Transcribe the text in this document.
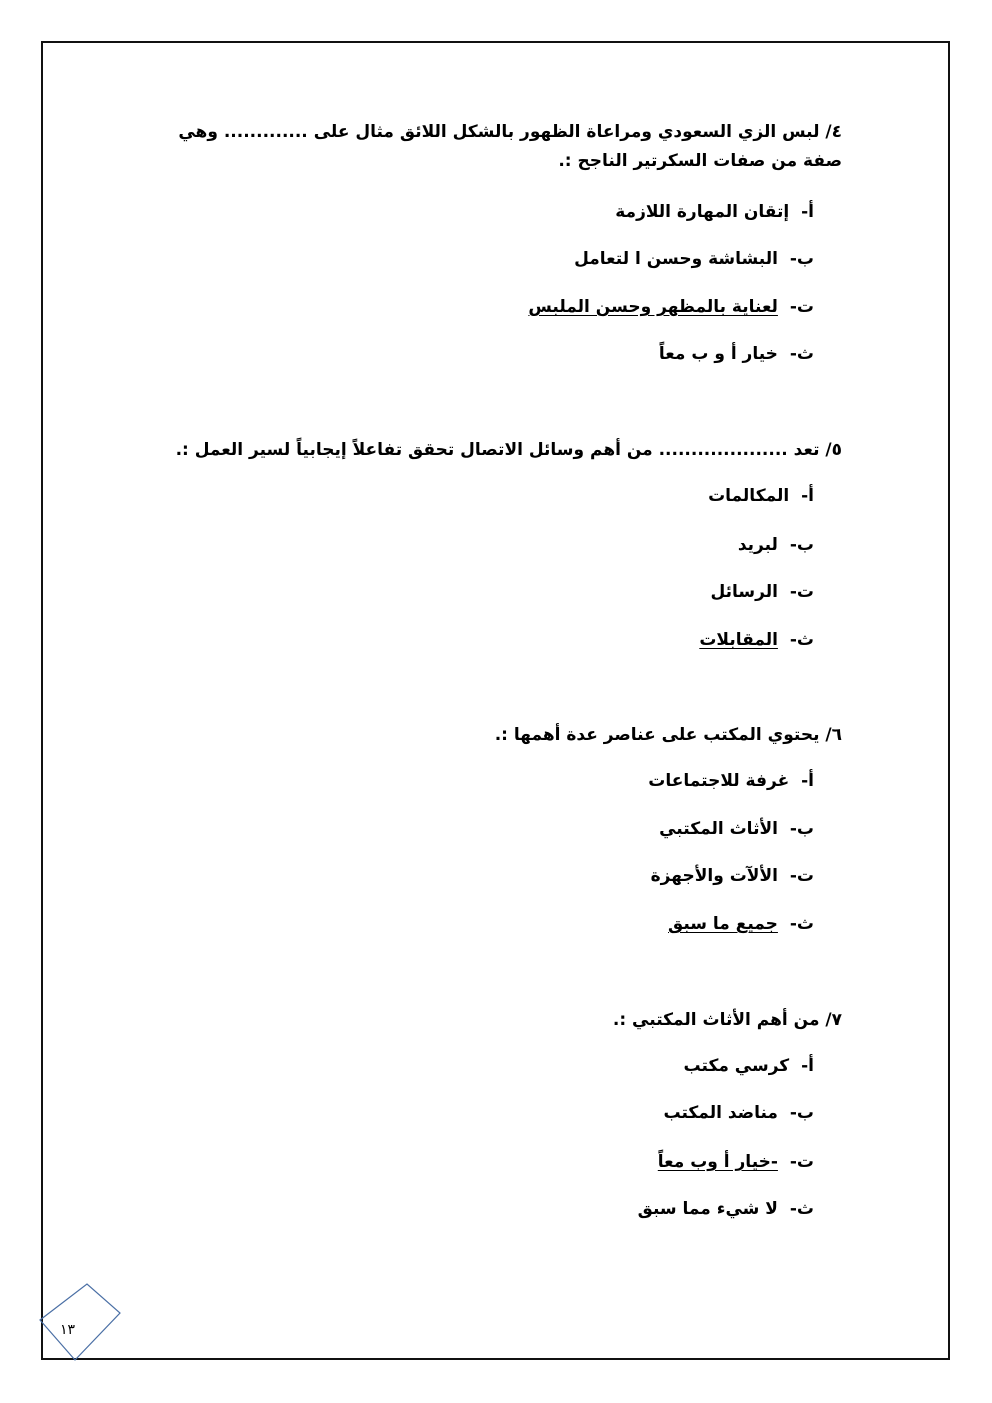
٤/ لبس الزي السعودي ومراعاة الظهور بالشكل اللائق مثال على ............. وهي صفة من صفات السكرتير الناجح :.
أ- إتقان المهارة اللازمة
ب- البشاشة وحسن ا لتعامل
ت- لعناية بالمظهر وحسن الملبس
ث- خيار أ و ب معاً
٥/ تعد .................... من أهم وسائل الاتصال تحقق تفاعلاً إيجابياً لسير العمل :.
أ- المكالمات
ب- لبريد
ت- الرسائل
ث- المقابلات
٦/ يحتوي المكتب على عناصر عدة أهمها :.
أ- غرفة للاجتماعات
ب- الأثاث المكتبي
ت- الألآت والأجهزة
ث- جميع ما سبق
٧/ من أهم الأثاث المكتبي :.
أ- كرسي مكتب
ب- مناضد المكتب
ت- -خيار أ وب معاً
ث- لا شيء مما سبق
١٣
